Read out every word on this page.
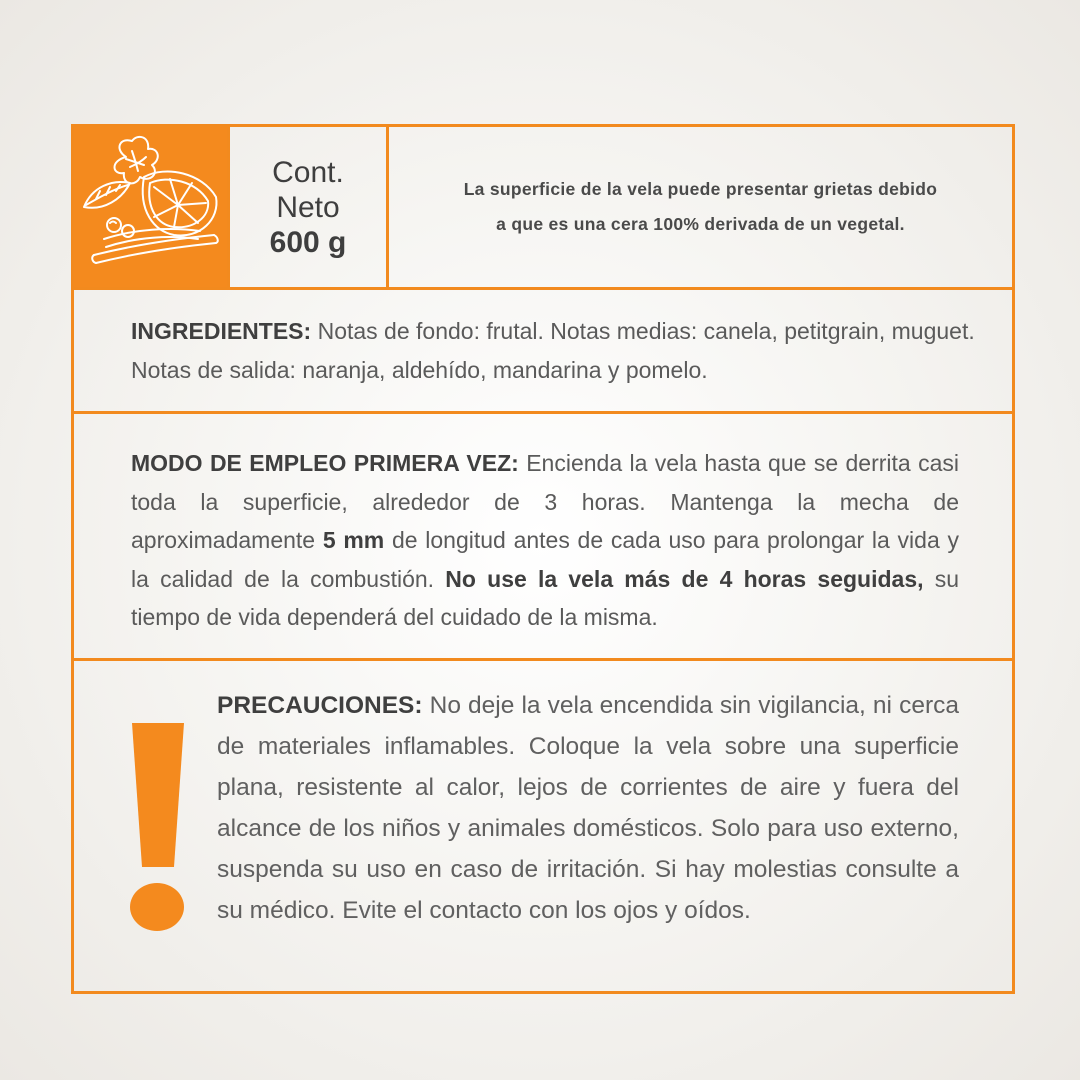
Cont.
Neto
600 g
La superficie de la vela puede presentar grietas debido
a que es una cera 100% derivada de un vegetal.
INGREDIENTES: Notas de fondo: frutal. Notas medias: canela, petitgrain, muguet. Notas de salida: naranja, aldehído, mandarina y pomelo.
MODO DE EMPLEO PRIMERA VEZ: Encienda la vela hasta que se derrita casi toda la superficie, alrededor de 3 horas. Mantenga la mecha de aproximadamente 5 mm de longitud antes de cada uso para prolongar la vida y la calidad de la combustión. No use la vela más de 4 horas seguidas, su tiempo de vida dependerá del cuidado de la misma.
PRECAUCIONES: No deje la vela encendida sin vigilancia, ni cerca de materiales inflamables. Coloque la vela sobre una superficie plana, resistente al calor, lejos de corrientes de aire y fuera del alcance de los niños y animales domésticos. Solo para uso externo, suspenda su uso en caso de irritación. Si hay molestias consulte a su médico. Evite el contacto con los ojos y oídos.
